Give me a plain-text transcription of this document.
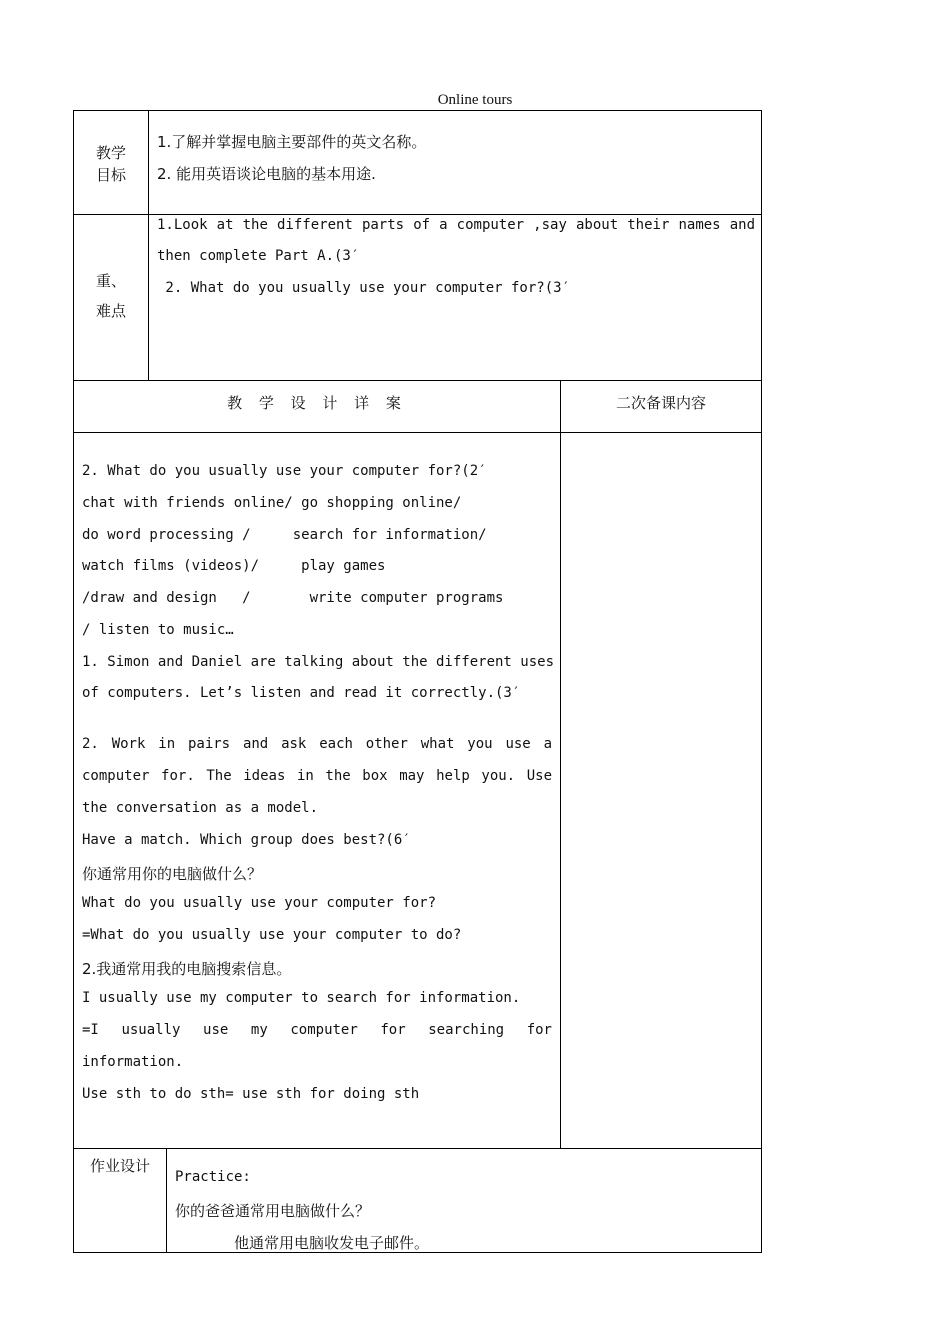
Online tours
教学
目标
1.了解并掌握电脑主要部件的英文名称。
2. 能用英语谈论电脑的基本用途.
重、
难点
1.Look at the different parts of a computer ,say about their names and
then complete Part A.(3′
2. What do you usually use your computer for?(3′
教 学 设 计 详 案	二次备课内容
2. What do you usually use your computer for?(2′
chat with friends online/ go shopping online/
do word processing /     search for information/
watch films (videos)/     play games
/draw and design   /       write computer programs
/ listen to music…
1. Simon and Daniel are talking about the different uses
of computers. Let’s listen and read it correctly.(3′
2. Work in pairs and ask each other what you use a
computer for. The ideas in the box may help you. Use
the conversation as a model.
Have a match. Which group does best?(6′
你通常用你的电脑做什么？
What do you usually use your computer for?
=What do you usually use your computer to do?
2.我通常用我的电脑搜索信息。
I usually use my computer to search for information.
=I usually use my computer for searching for
information.
Use sth to do sth= use sth for doing sth
作业设计
Practice:
你的爸爸通常用电脑做什么？
他通常用电脑收发电子邮件。
